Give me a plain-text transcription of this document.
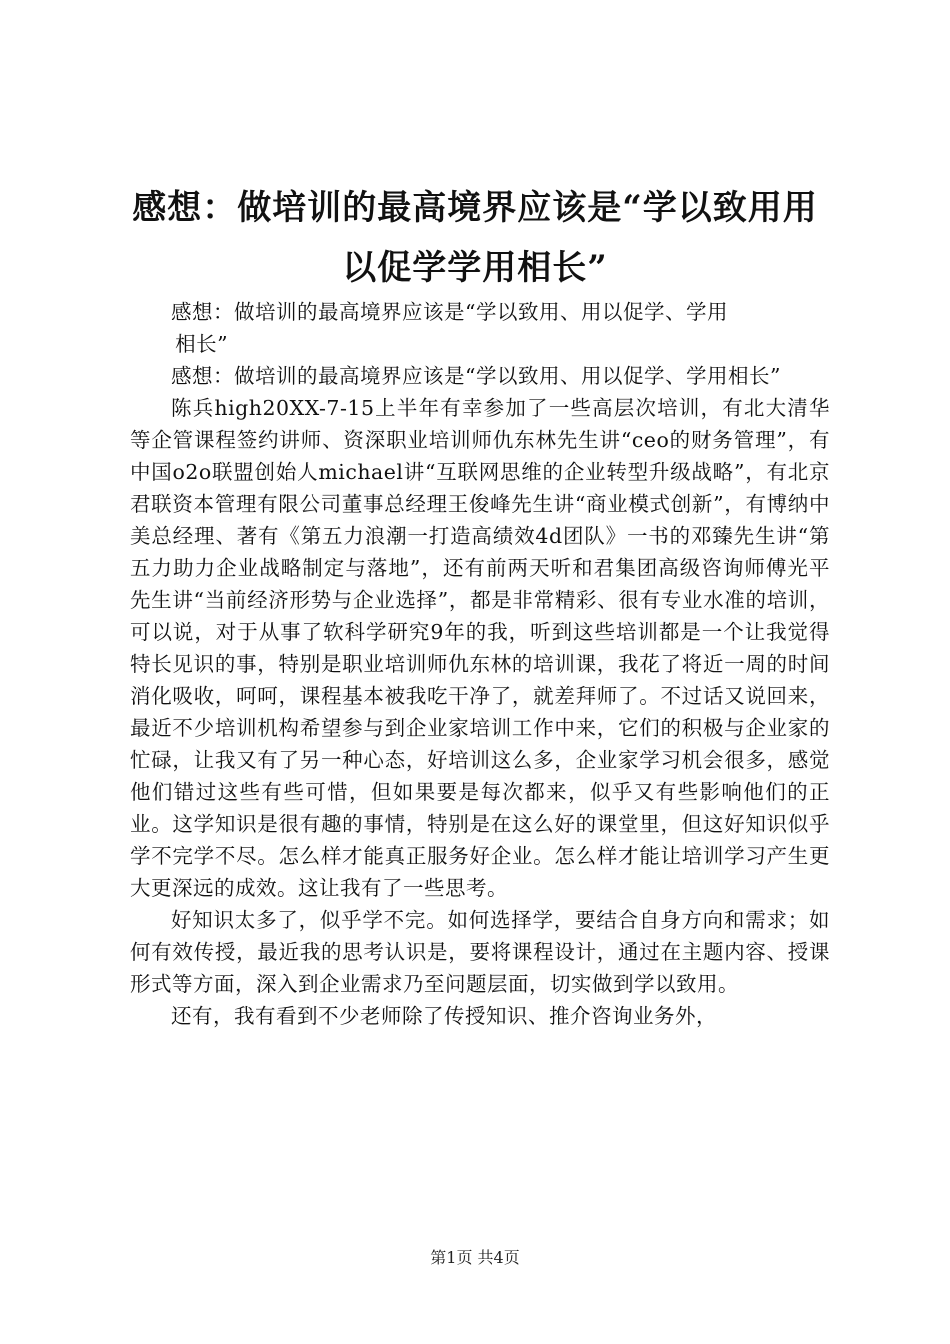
感想：做培训的最高境界应该是“学以致用用
以促学学用相长”

感想：做培训的最高境界应该是“学以致用、用以促学、学用

相长”

感想：做培训的最高境界应该是“学以致用、用以促学、学用相长”

陈兵high20XX-7-15上半年有幸参加了一些高层次培训，有北大清华等企管课程签约讲师、资深职业培训师仇东林先生讲“ceo的财务管理”，有中国o2o联盟创始人michael讲“互联网思维的企业转型升级战略”，有北京君联资本管理有限公司董事总经理王俊峰先生讲“商业模式创新”，有博纳中美总经理、著有《第五力浪潮一打造高绩效4d团队》一书的邓臻先生讲“第五力助力企业战略制定与落地”，还有前两天听和君集团高级咨询师傅光平先生讲“当前经济形势与企业选择”，都是非常精彩、很有专业水准的培训，可以说，对于从事了软科学研究9年的我，听到这些培训都是一个让我觉得特长见识的事，特别是职业培训师仇东林的培训课，我花了将近一周的时间消化吸收，呵呵，课程基本被我吃干净了，就差拜师了。不过话又说回来，最近不少培训机构希望参与到企业家培训工作中来，它们的积极与企业家的忙碌，让我又有了另一种心态，好培训这么多，企业家学习机会很多，感觉他们错过这些有些可惜，但如果要是每次都来，似乎又有些影响他们的正业。这学知识是很有趣的事情，特别是在这么好的课堂里，但这好知识似乎学不完学不尽。怎么样才能真正服务好企业。怎么样才能让培训学习产生更大更深远的成效。这让我有了一些思考。

好知识太多了，似乎学不完。如何选择学，要结合自身方向和需求；如何有效传授，最近我的思考认识是，要将课程设计，通过在主题内容、授课形式等方面，深入到企业需求乃至问题层面，切实做到学以致用。

还有，我有看到不少老师除了传授知识、推介咨询业务外，

第1页 共4页
